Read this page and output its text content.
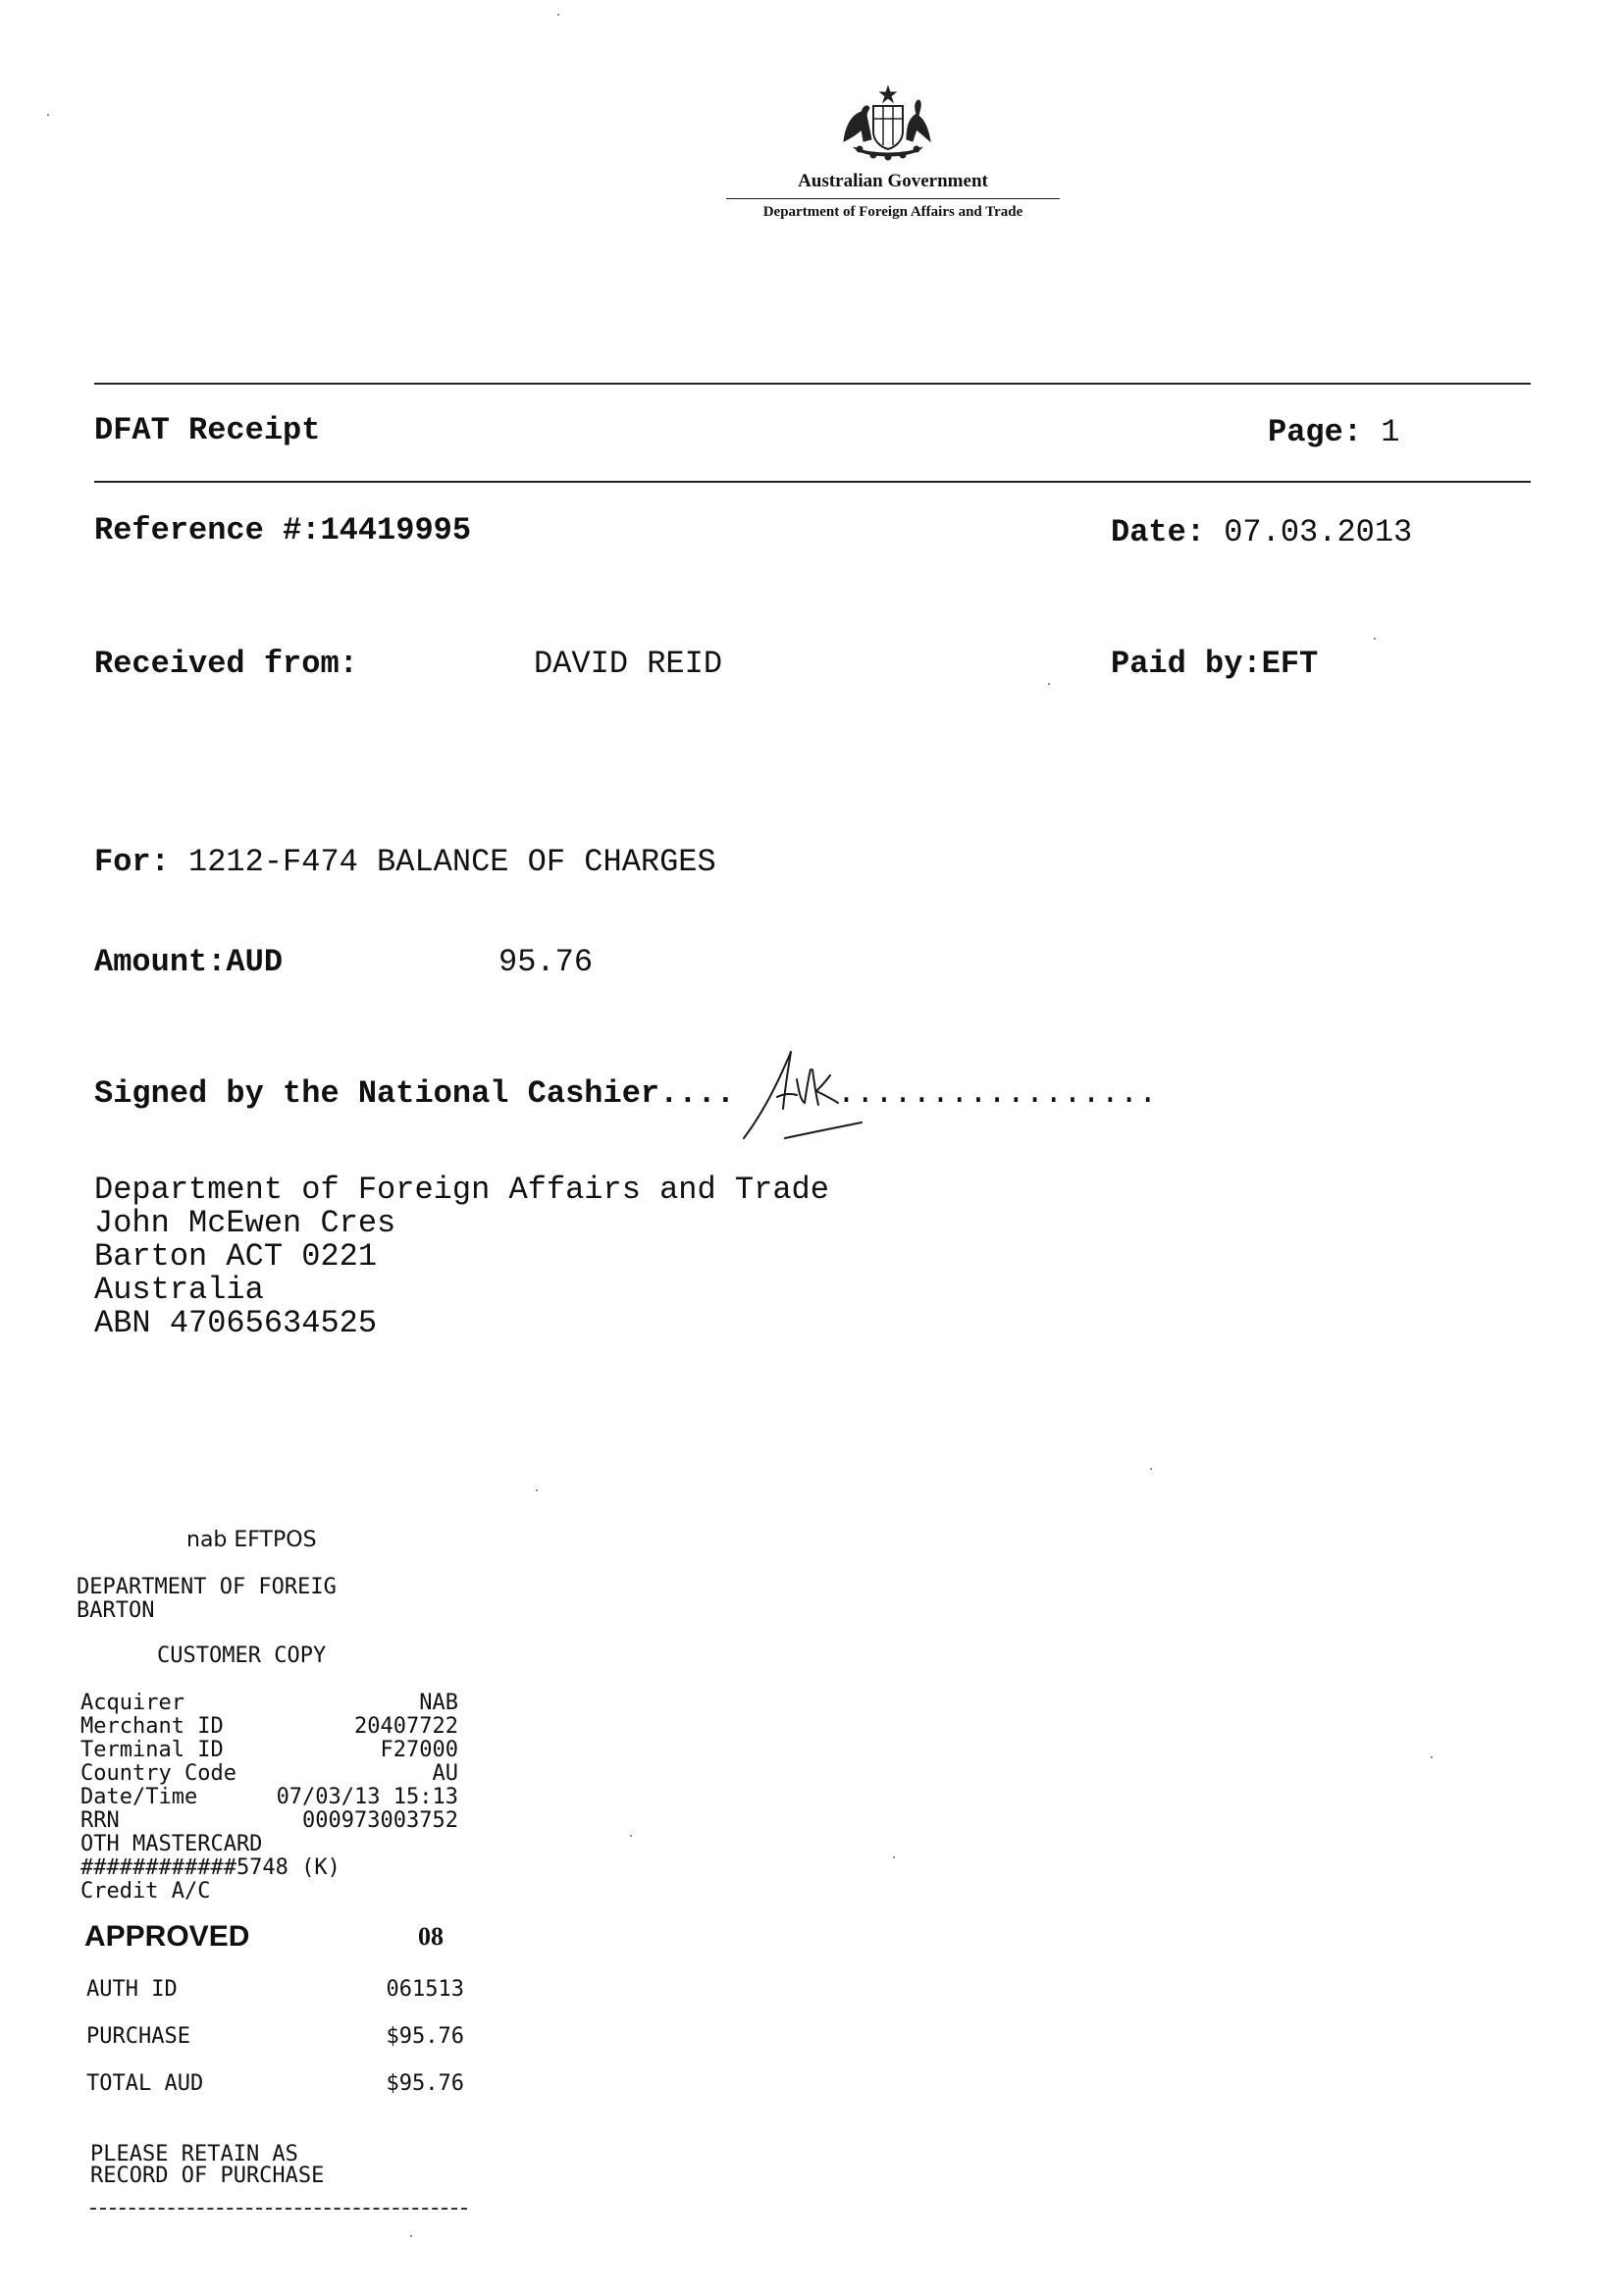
Australian Government
Department of Foreign Affairs and Trade
DFAT Receipt	Page: 1
Reference #:14419995	Date: 07.03.2013
Received from:	DAVID REID	Paid by:EFT
For: 1212-F474 BALANCE OF CHARGES
Amount:AUD	95.76
Signed by the National Cashier....	.................
Department of Foreign Affairs and Trade
John McEwen Cres
Barton ACT 0221
Australia
ABN 47065634525
nab EFTPOS
DEPARTMENT OF FOREIG
BARTON
CUSTOMER COPY
Acquirer	NAB
Merchant ID	20407722
Terminal ID	F27000
Country Code	AU
Date/Time	07/03/13 15:13
RRN	000973003752
OTH MASTERCARD
############5748 (K)
Credit A/C
APPROVED	08
AUTH ID	061513
PURCHASE	$95.76
TOTAL AUD	$95.76
PLEASE RETAIN AS
RECORD OF PURCHASE
